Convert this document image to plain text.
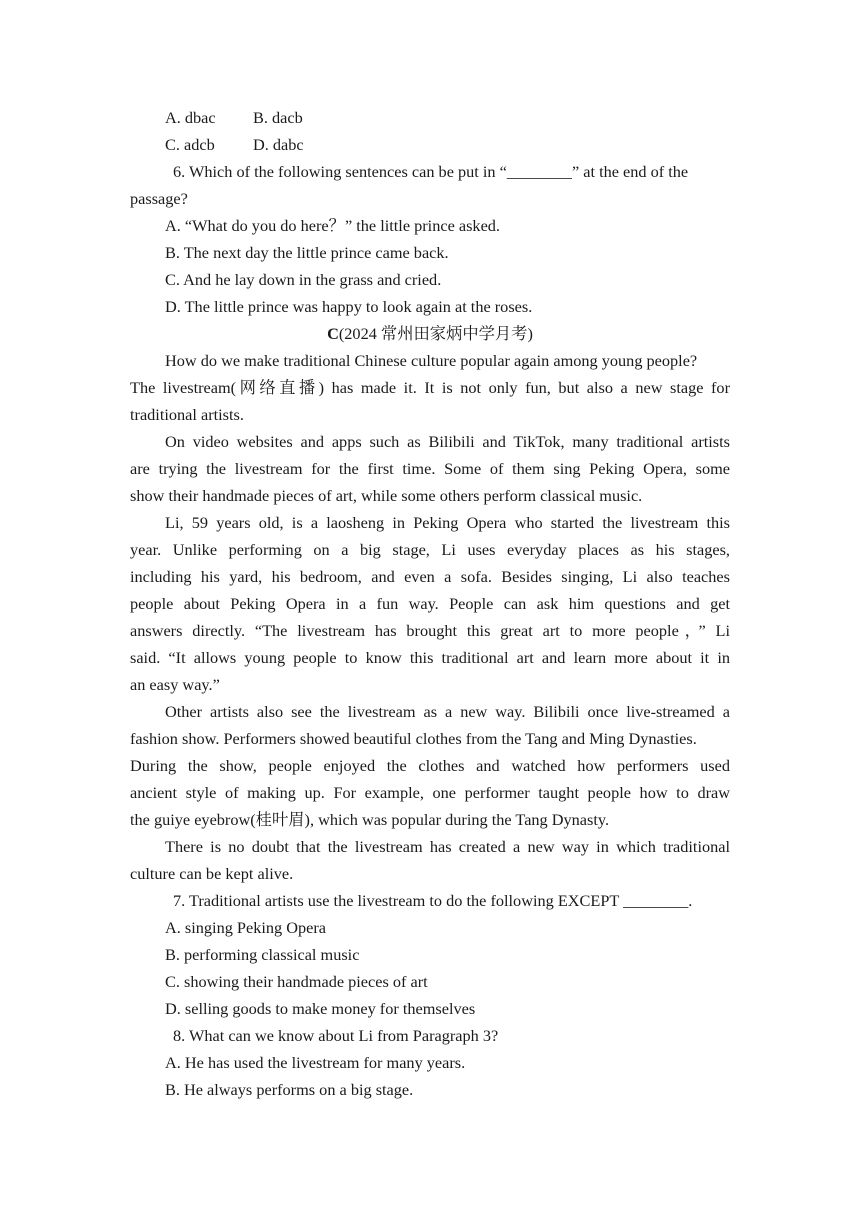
A. dbac B. dacb
C. adcb D. dabc
6. Which of the following sentences can be put in “________” at the end of the
passage?
A. “What do you do here？” the little prince asked.
B. The next day the little prince came back.
C. And he lay down in the grass and cried.
D. The little prince was happy to look again at the roses.
C(2024 常州田家炳中学月考)
How do we make traditional Chinese culture popular again among young people?
The livestream(网络直播) has made it. It is not only fun, but also a new stage for
traditional artists.
On video websites and apps such as Bilibili and TikTok, many traditional artists
are trying the livestream for the first time. Some of them sing Peking Opera, some
show their handmade pieces of art, while some others perform classical music.
Li, 59 years old, is a laosheng in Peking Opera who started the livestream this
year. Unlike performing on a big stage, Li uses everyday places as his stages,
including his yard, his bedroom, and even a sofa. Besides singing, Li also teaches
people about Peking Opera in a fun way. People can ask him questions and get
answers directly. “The livestream has brought this great art to more people，” Li
said. “It allows young people to know this traditional art and learn more about it in
an easy way.”
Other artists also see the livestream as a new way. Bilibili once live-streamed a
fashion show. Performers showed beautiful clothes from the Tang and Ming Dynasties.
During the show, people enjoyed the clothes and watched how performers used
ancient style of making up. For example, one performer taught people how to draw
the guiye eyebrow(桂叶眉), which was popular during the Tang Dynasty.
There is no doubt that the livestream has created a new way in which traditional
culture can be kept alive.
7. Traditional artists use the livestream to do the following EXCEPT ________.
A. singing Peking Opera
B. performing classical music
C. showing their handmade pieces of art
D. selling goods to make money for themselves
8. What can we know about Li from Paragraph 3?
A. He has used the livestream for many years.
B. He always performs on a big stage.
